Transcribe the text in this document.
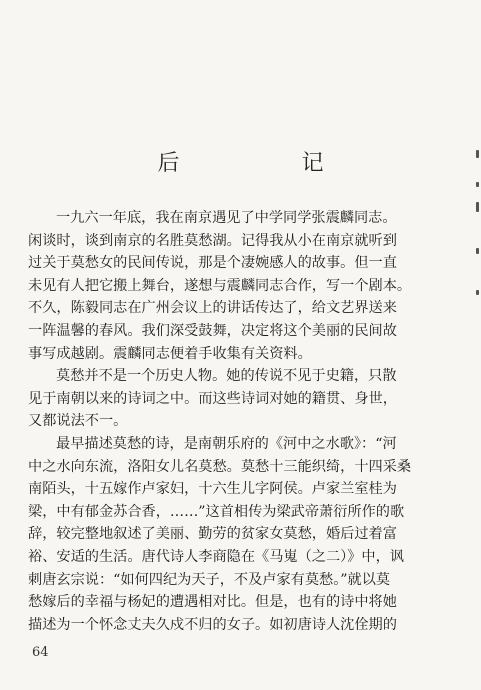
后　记

一九六一年底，我在南京遇见了中学同学张震麟同志。

闲谈时，谈到南京的名胜莫愁湖。记得我从小在南京就听到

过关于莫愁女的民间传说，那是个凄婉感人的故事。但一直

未见有人把它搬上舞台，遂想与震麟同志合作，写一个剧本。

不久，陈毅同志在广州会议上的讲话传达了，给文艺界送来

一阵温馨的春风。我们深受鼓舞，决定将这个美丽的民间故

事写成越剧。震麟同志便着手收集有关资料。

莫愁并不是一个历史人物。她的传说不见于史籍，只散

见于南朝以来的诗词之中。而这些诗词对她的籍贯、身世，

又都说法不一。

最早描述莫愁的诗，是南朝乐府的《河中之水歌》：“河

中之水向东流，洛阳女儿名莫愁。莫愁十三能织绮，十四采桑

南陌头，十五嫁作卢家妇，十六生儿字阿侯。卢家兰室桂为

梁，中有郁金苏合香，……”这首相传为梁武帝萧衍所作的歌

辞，较完整地叙述了美丽、勤劳的贫家女莫愁，婚后过着富

裕、安适的生活。唐代诗人李商隐在《马嵬（之二）》中，讽

刺唐玄宗说：“如何四纪为天子，不及卢家有莫愁。”就以莫

愁嫁后的幸福与杨妃的遭遇相对比。但是，也有的诗中将她

描述为一个怀念丈夫久戍不归的女子。如初唐诗人沈佺期的

64
